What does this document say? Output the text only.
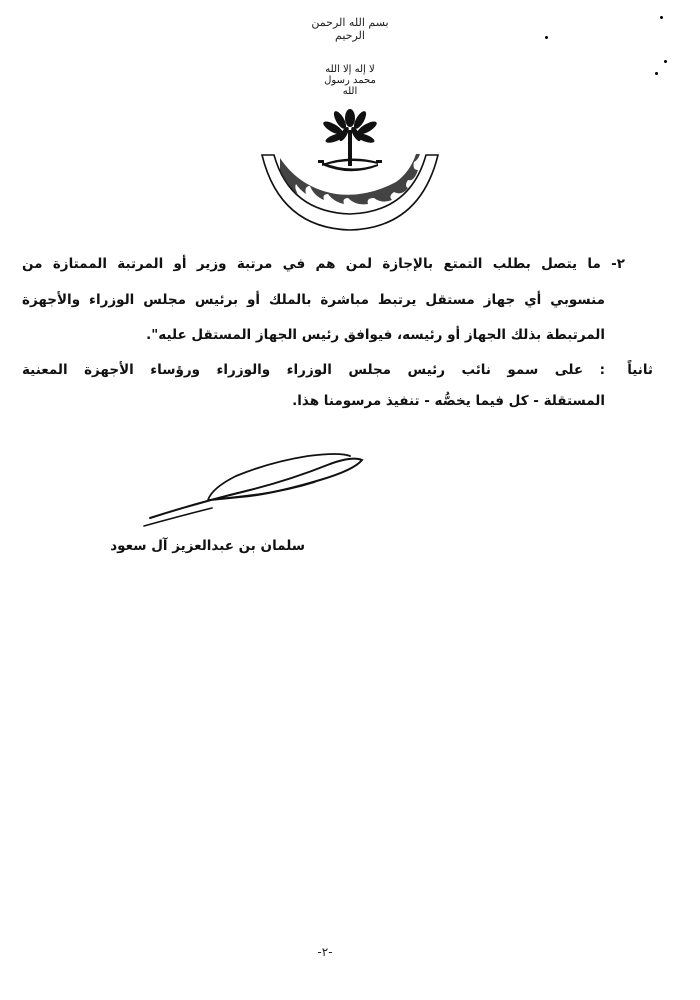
بسم الله الرحمن الرحيم
لا إله إلا الله محمد رسول الله
٢- ما يتصل بطلب التمتع بالإجازة لمن هم في مرتبة وزير أو المرتبة الممتازة من
منسوبي أي جهاز مستقل يرتبط مباشرة بالملك أو برئيس مجلس الوزراء والأجهزة
المرتبطة بذلك الجهاز أو رئيسه، فيوافق رئيس الجهاز المستقل عليه".
ثانياً
: على سمو نائب رئيس مجلس الوزراء والوزراء ورؤساء الأجهزة المعنية
المستقلة - كل فيما يخصُّه - تنفيذ مرسومنا هذا.
سلمان بن عبدالعزيز آل سعود
-٢-
